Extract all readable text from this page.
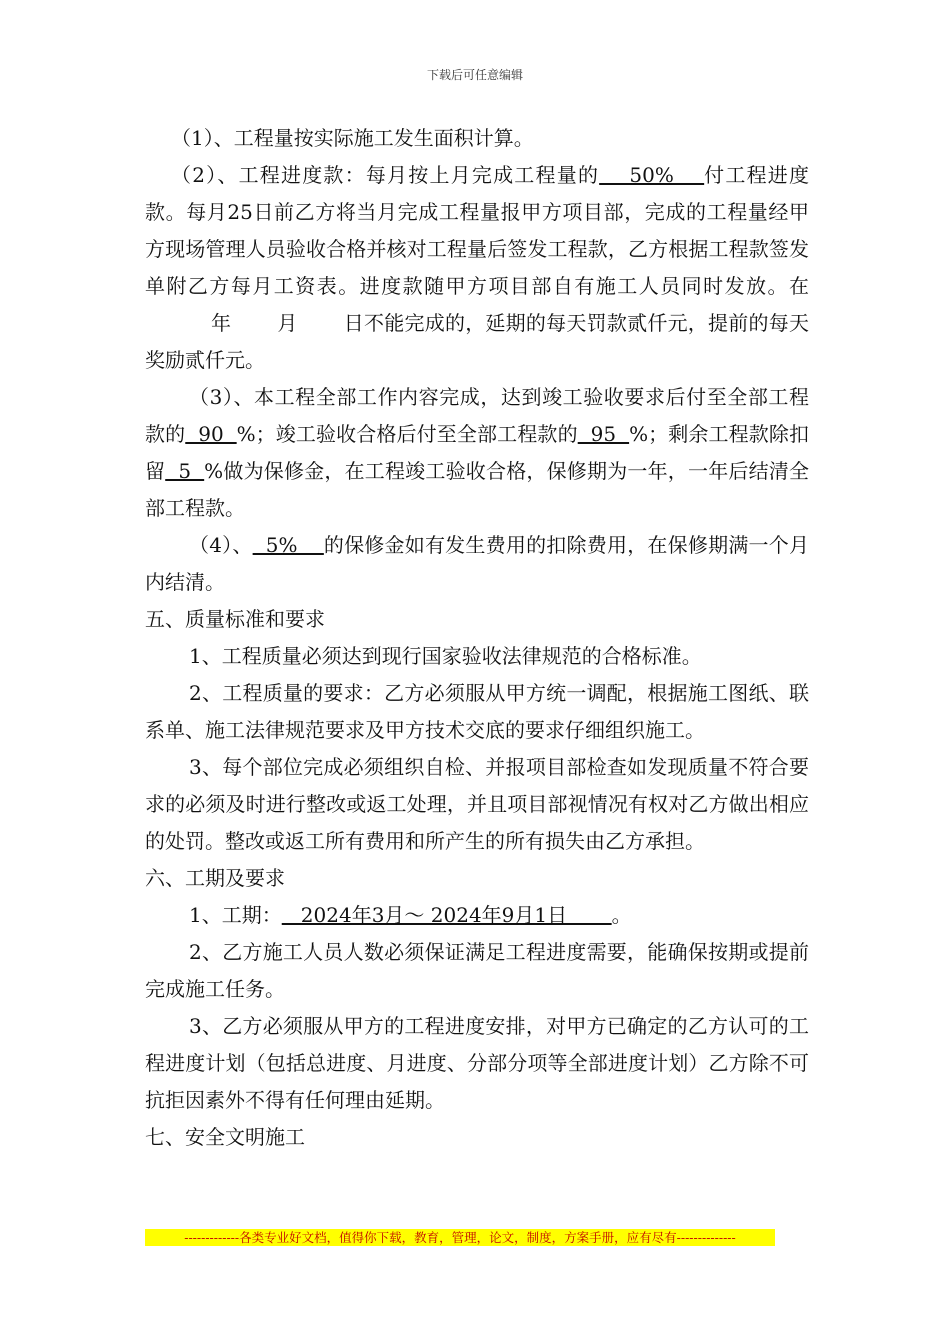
下载后可任意编辑

（1）、工程量按实际施工发生面积计算。

（2）、工程进度款：每月按上月完成工程量的    50%    付工程进度款。每月25日前乙方将当月完成工程量报甲方项目部，完成的工程量经甲方现场管理人员验收合格并核对工程量后签发工程款，乙方根据工程款签发单附乙方每月工资表。进度款随甲方项目部自有施工人员同时发放。在          年       月       日不能完成的，延期的每天罚款贰仟元，提前的每天奖励贰仟元。

（3）、本工程全部工作内容完成，达到竣工验收要求后付至全部工程款的  90  %；竣工验收合格后付至全部工程款的  95  %；剩余工程款除扣留  5  %做为保修金，在工程竣工验收合格，保修期为一年，一年后结清全部工程款。

（4）、  5%    的保修金如有发生费用的扣除费用，在保修期满一个月内结清。

五、质量标准和要求

1、工程质量必须达到现行国家验收法律规范的合格标准。

2、工程质量的要求：乙方必须服从甲方统一调配，根据施工图纸、联系单、施工法律规范要求及甲方技术交底的要求仔细组织施工。

3、每个部位完成必须组织自检、并报项目部检查如发现质量不符合要求的必须及时进行整改或返工处理，并且项目部视情况有权对乙方做出相应的处罚。整改或返工所有费用和所产生的所有损失由乙方承担。

六、工期及要求

1、工期：   2024年3月～ 2024年9月1日       。

2、乙方施工人员人数必须保证满足工程进度需要，能确保按期或提前完成施工任务。

3、乙方必须服从甲方的工程进度安排，对甲方已确定的乙方认可的工程进度计划（包括总进度、月进度、分部分项等全部进度计划）乙方除不可抗拒因素外不得有任何理由延期。

七、安全文明施工

-------------各类专业好文档，值得你下载，教育，管理，论文，制度，方案手册，应有尽有--------------
